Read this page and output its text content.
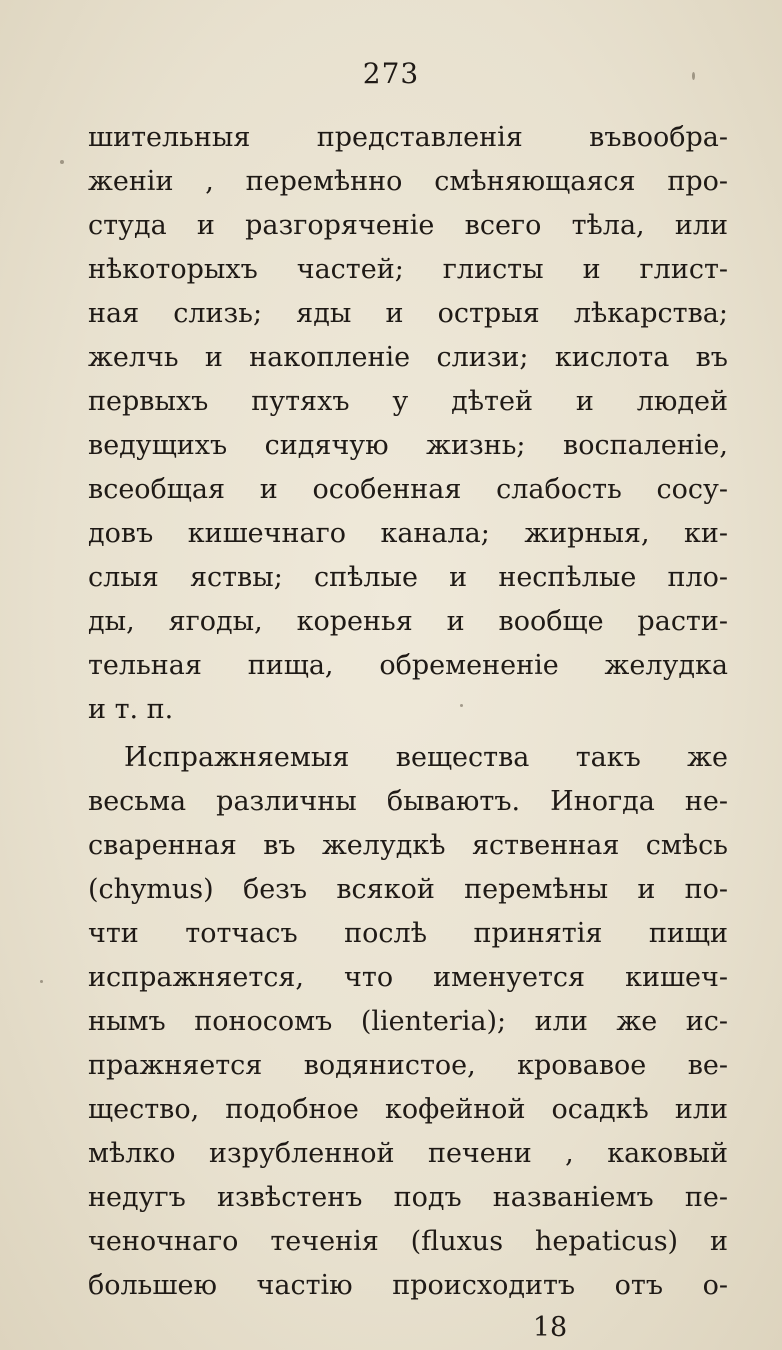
273
шительныя представленія въвообра-
женіи , перемѣнно смѣняющаяся про-
студа и разгоряченіе всего тѣла, или
нѣкоторыхъ частей; глисты и глист-
ная слизь; яды и острыя лѣкарства;
желчь и накопленіе слизи; кислота въ
первыхъ путяхъ у дѣтей и людей
ведущихъ сидячую жизнь; воспаленіе,
всеобщая и особенная слабость сосу-
довъ кишечнаго канала; жирныя, ки-
слыя яствы; спѣлые и неспѣлые пло-
ды, ягоды, коренья и вообще расти-
тельная пища, обремененіе желудка
и т. п.
Испражняемыя вещества такъ же
весьма различны бываютъ. Иногда не-
сваренная въ желудкѣ яственная смѣсь
(chymus) безъ всякой перемѣны и по-
чти тотчасъ послѣ принятія пищи
испражняется, что именуется кишеч-
нымъ поносомъ (lienteria); или же ис-
пражняется водянистое, кровавое ве-
щество, подобное кофейной осадкѣ или
мѣлко изрубленной печени , каковый
недугъ извѣстенъ подъ названіемъ пе-
ченочнаго теченія (fluxus hepaticus) и
большею частію происходитъ отъ о-
18
